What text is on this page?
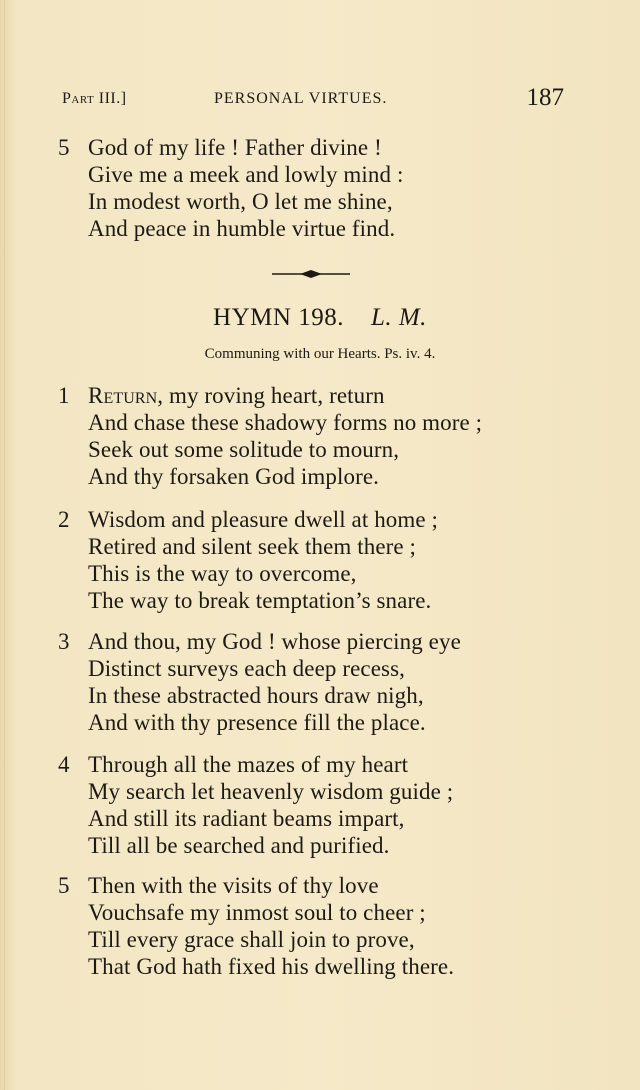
Part III.]	PERSONAL VIRTUES.	187
5 God of my life ! Father divine !
Give me a meek and lowly mind :
In modest worth, O let me shine,
And peace in humble virtue find.
HYMN 198. L. M.
Communing with our Hearts. Ps. iv. 4.
1 Return, my roving heart, return
And chase these shadowy forms no more ;
Seek out some solitude to mourn,
And thy forsaken God implore.
2 Wisdom and pleasure dwell at home ;
Retired and silent seek them there ;
This is the way to overcome,
The way to break temptation’s snare.
3 And thou, my God ! whose piercing eye
Distinct surveys each deep recess,
In these abstracted hours draw nigh,
And with thy presence fill the place.
4 Through all the mazes of my heart
My search let heavenly wisdom guide ;
And still its radiant beams impart,
Till all be searched and purified.
5 Then with the visits of thy love
Vouchsafe my inmost soul to cheer ;
Till every grace shall join to prove,
That God hath fixed his dwelling there.
